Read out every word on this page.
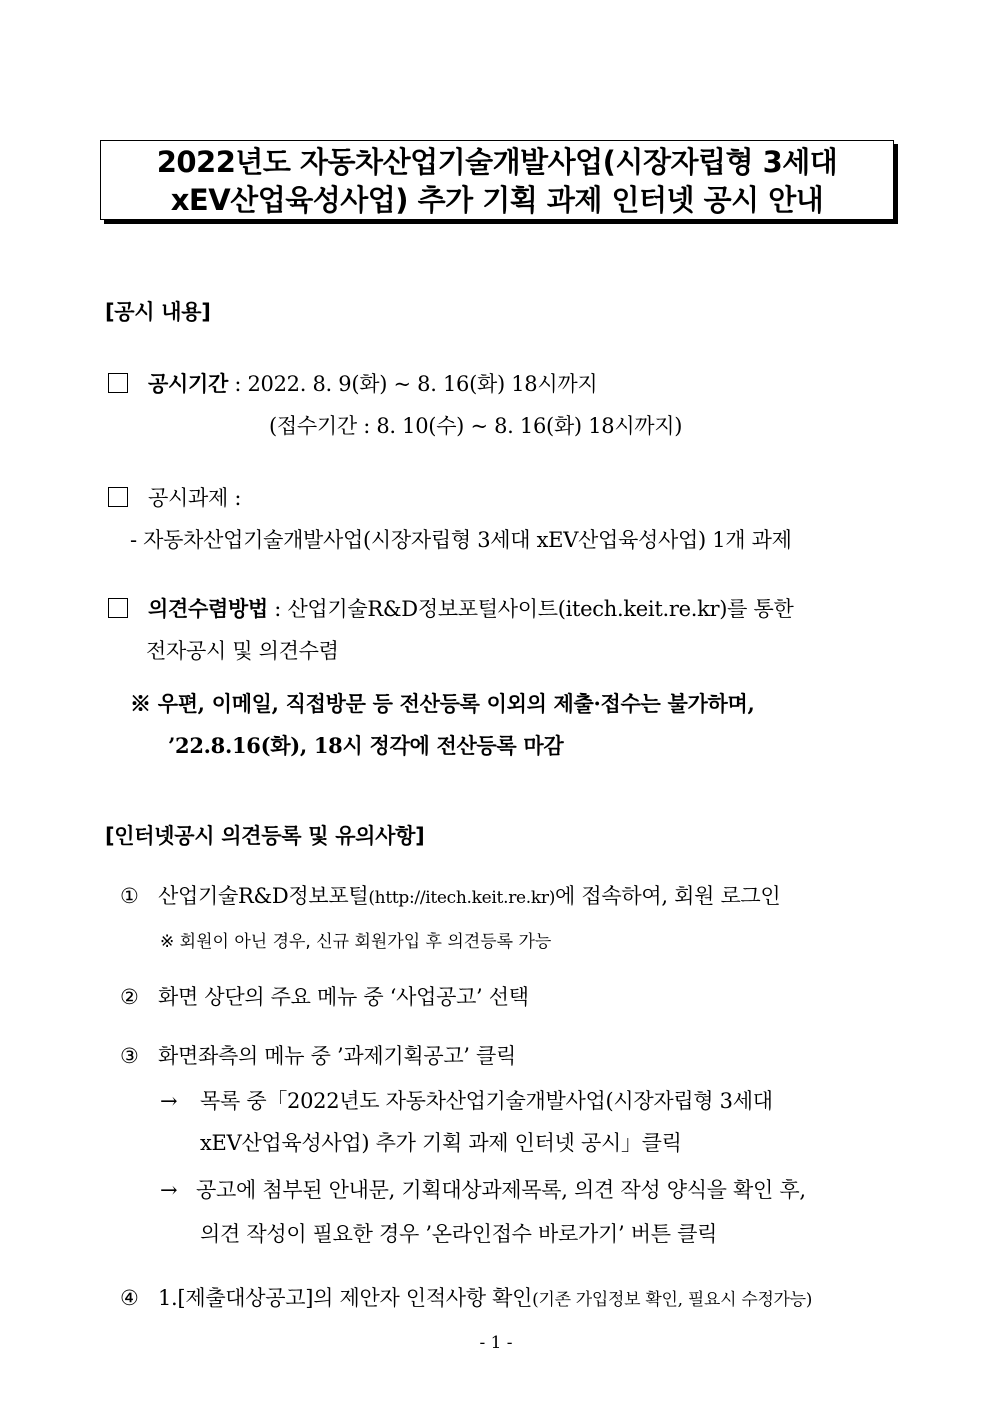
2022년도 자동차산업기술개발사업(시장자립형 3세대
xEV산업육성사업) 추가 기획 과제 인터넷 공시 안내
[공시 내용]
공시기간 : 2022. 8. 9(화) ~ 8. 16(화) 18시까지
(접수기간 : 8. 10(수) ~ 8. 16(화) 18시까지)
공시과제 :
- 자동차산업기술개발사업(시장자립형 3세대 xEV산업육성사업) 1개 과제
의견수렴방법 : 산업기술R&D정보포털사이트(itech.keit.re.kr)를 통한
전자공시 및 의견수렴
※ 우편, 이메일, 직접방문 등 전산등록 이외의 제출·접수는 불가하며,
’22.8.16(화), 18시 정각에 전산등록 마감
[인터넷공시 의견등록 및 유의사항]
① 산업기술R&D정보포털(http://itech.keit.re.kr)에 접속하여, 회원 로그인
※ 회원이 아닌 경우, 신규 회원가입 후 의견등록 가능
② 화면 상단의 주요 메뉴 중 ‘사업공고’ 선택
③ 화면좌측의 메뉴 중 ’과제기획공고’ 클릭
→ 목록 중「2022년도 자동차산업기술개발사업(시장자립형 3세대
xEV산업육성사업) 추가 기획 과제 인터넷 공시」클릭
→ 공고에 첨부된 안내문, 기획대상과제목록, 의견 작성 양식을 확인 후,
의견 작성이 필요한 경우 ’온라인접수 바로가기’ 버튼 클릭
④ 1.[제출대상공고]의 제안자 인적사항 확인(기존 가입정보 확인, 필요시 수정가능)
- 1 -
